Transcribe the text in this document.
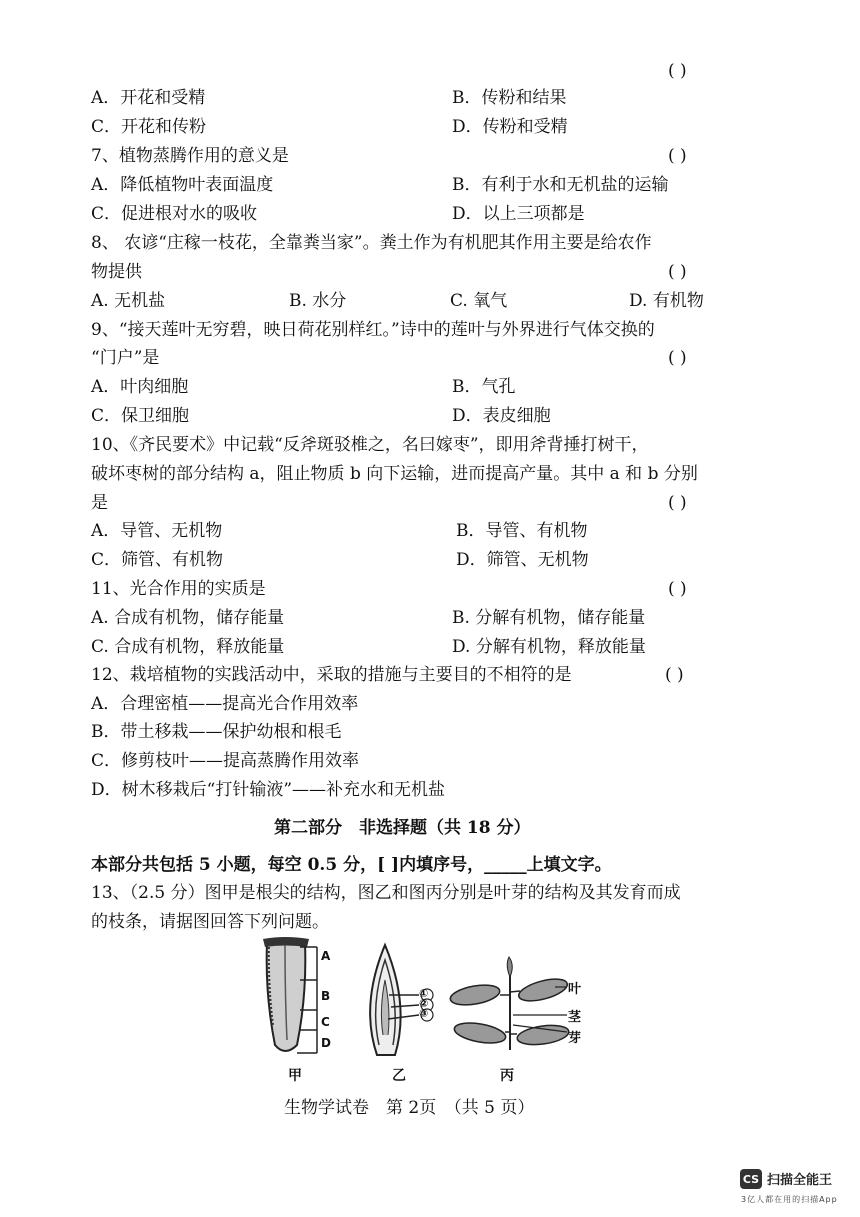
( )
A．开花和受精	B．传粉和结果
C．开花和传粉	D．传粉和受精
7、植物蒸腾作用的意义是	( )
A．降低植物叶表面温度	B．有利于水和无机盐的运输
C．促进根对水的吸收	D．以上三项都是
8、 农谚“庄稼一枝花，全靠粪当家”。粪土作为有机肥其作用主要是给农作
物提供	( )
A. 无机盐	B. 水分	C. 氧气	D. 有机物
9、“接天莲叶无穷碧，映日荷花别样红。”诗中的莲叶与外界进行气体交换的
“门户”是	( )
A．叶肉细胞	B．气孔
C．保卫细胞	D．表皮细胞
10、《齐民要术》中记载“反斧斑驳椎之，名曰嫁枣”，即用斧背捶打树干，
破坏枣树的部分结构 a，阻止物质 b 向下运输，进而提高产量。其中 a 和 b 分别
是	( )
A．导管、无机物	B．导管、有机物
C．筛管、有机物	D．筛管、无机物
11、光合作用的实质是	( )
A. 合成有机物，储存能量	B. 分解有机物，储存能量
C. 合成有机物，释放能量	D. 分解有机物，释放能量
12、栽培植物的实践活动中，采取的措施与主要目的不相符的是	( )
A．合理密植——提高光合作用效率
B．带土移栽——保护幼根和根毛
C．修剪枝叶——提高蒸腾作用效率
D．树木移栽后“打针输液”——补充水和无机盐
第二部分　非选择题（共 18 分）
本部分共包括 5 小题，每空 0.5 分，[ ]内填序号，_____上填文字。
13、（2.5 分）图甲是根尖的结构，图乙和图丙分别是叶芽的结构及其发育而成
的枝条，请据图回答下列问题。
A
B
C
D
①
②
③
叶
茎
芽
甲	乙	丙
生物学试卷　第 2页　（共 5 页）
CS 扫描全能王
3亿人都在用的扫描App
